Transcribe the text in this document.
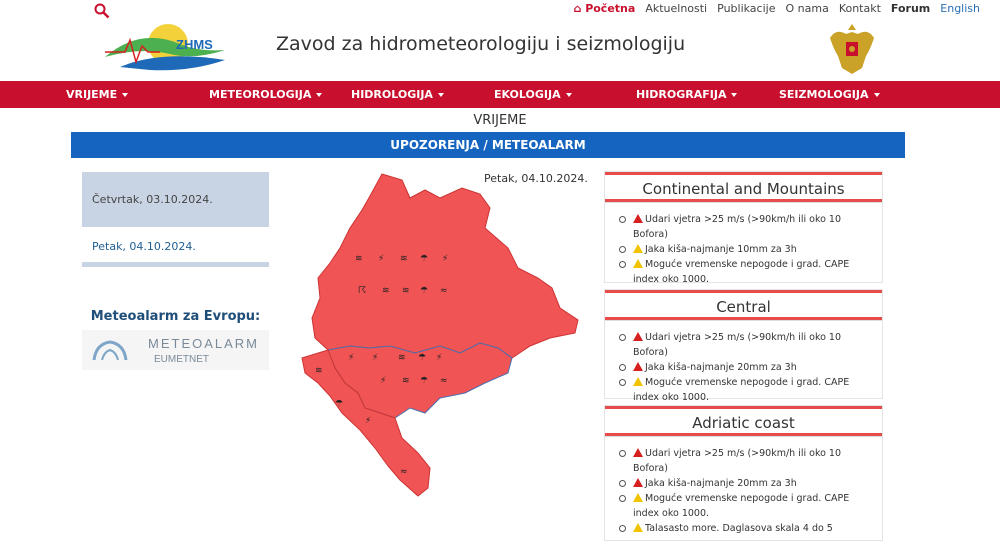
⌂ Početna Aktuelnosti Publikacije O nama Kontakt Forum English
ZHMS	Zavod za hidrometeorologiju i seizmologiju
VRIJEME	METEOROLOGIJA	HIDROLOGIJA	EKOLOGIJA	HIDROGRAFIJA	SEIZMOLOGIJA
VRIJEME
UPOZORENJA / METEOALARM
Četvrtak, 03.10.2024.
Petak, 04.10.2024.
Meteoalarm za Evropu:
METEOALARM
EUMETNET
Petak, 04.10.2024.
≋ ⚡ ≋ ☂ ⚡
☈ ≋ ≋ ☂ ≈
⚡ ⚡ ≋ ☂ ⚡
≋
⚡ ≋ ☂ ≈
☂
⚡
≈
Continental and Mountains
Udari vjetra >25 m/s (>90km/h ili oko 10 Bofora)
Jaka kiša-najmanje 10mm za 3h
Mogućе vremenske nepogode i grad. CAPE index oko 1000.
Central
Udari vjetra >25 m/s (>90km/h ili oko 10 Bofora)
Jaka kiša-najmanje 20mm za 3h
Mogućе vremenske nepogode i grad. CAPE index oko 1000.
Adriatic coast
Udari vjetra >25 m/s (>90km/h ili oko 10 Bofora)
Jaka kiša-najmanje 20mm za 3h
Mogućе vremenske nepogode i grad. CAPE index oko 1000.
Talasasto more. Daglasova skala 4 do 5
